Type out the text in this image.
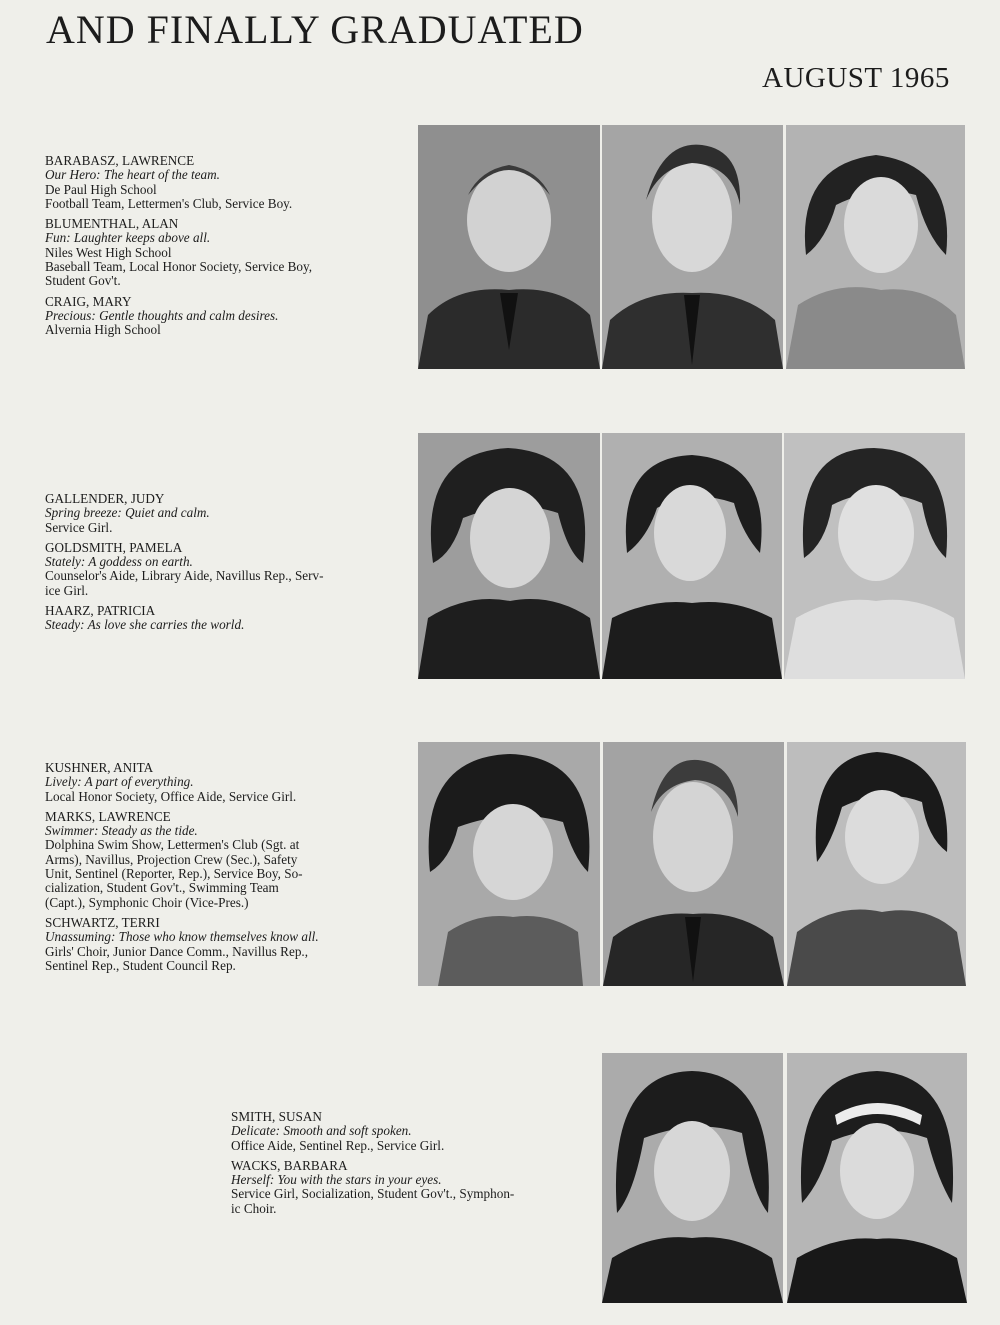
AND FINALLY GRADUATED
AUGUST 1965
BARABASZ, LAWRENCE
Our Hero: The heart of the team.
De Paul High School
Football Team, Lettermen's Club, Service Boy.
BLUMENTHAL, ALAN
Fun: Laughter keeps above all.
Niles West High School
Baseball Team, Local Honor Society, Service Boy,
Student Gov't.
CRAIG, MARY
Precious: Gentle thoughts and calm desires.
Alvernia High School
GALLENDER, JUDY
Spring breeze: Quiet and calm.
Service Girl.
GOLDSMITH, PAMELA
Stately: A goddess on earth.
Counselor's Aide, Library Aide, Navillus Rep., Serv-
ice Girl.
HAARZ, PATRICIA
Steady: As love she carries the world.
KUSHNER, ANITA
Lively: A part of everything.
Local Honor Society, Office Aide, Service Girl.
MARKS, LAWRENCE
Swimmer: Steady as the tide.
Dolphina Swim Show, Lettermen's Club (Sgt. at
Arms), Navillus, Projection Crew (Sec.), Safety
Unit, Sentinel (Reporter, Rep.), Service Boy, So-
cialization, Student Gov't., Swimming Team
(Capt.), Symphonic Choir (Vice-Pres.)
SCHWARTZ, TERRI
Unassuming: Those who know themselves know all.
Girls' Choir, Junior Dance Comm., Navillus Rep.,
Sentinel Rep., Student Council Rep.
SMITH, SUSAN
Delicate: Smooth and soft spoken.
Office Aide, Sentinel Rep., Service Girl.
WACKS, BARBARA
Herself: You with the stars in your eyes.
Service Girl, Socialization, Student Gov't., Symphon-
ic Choir.
